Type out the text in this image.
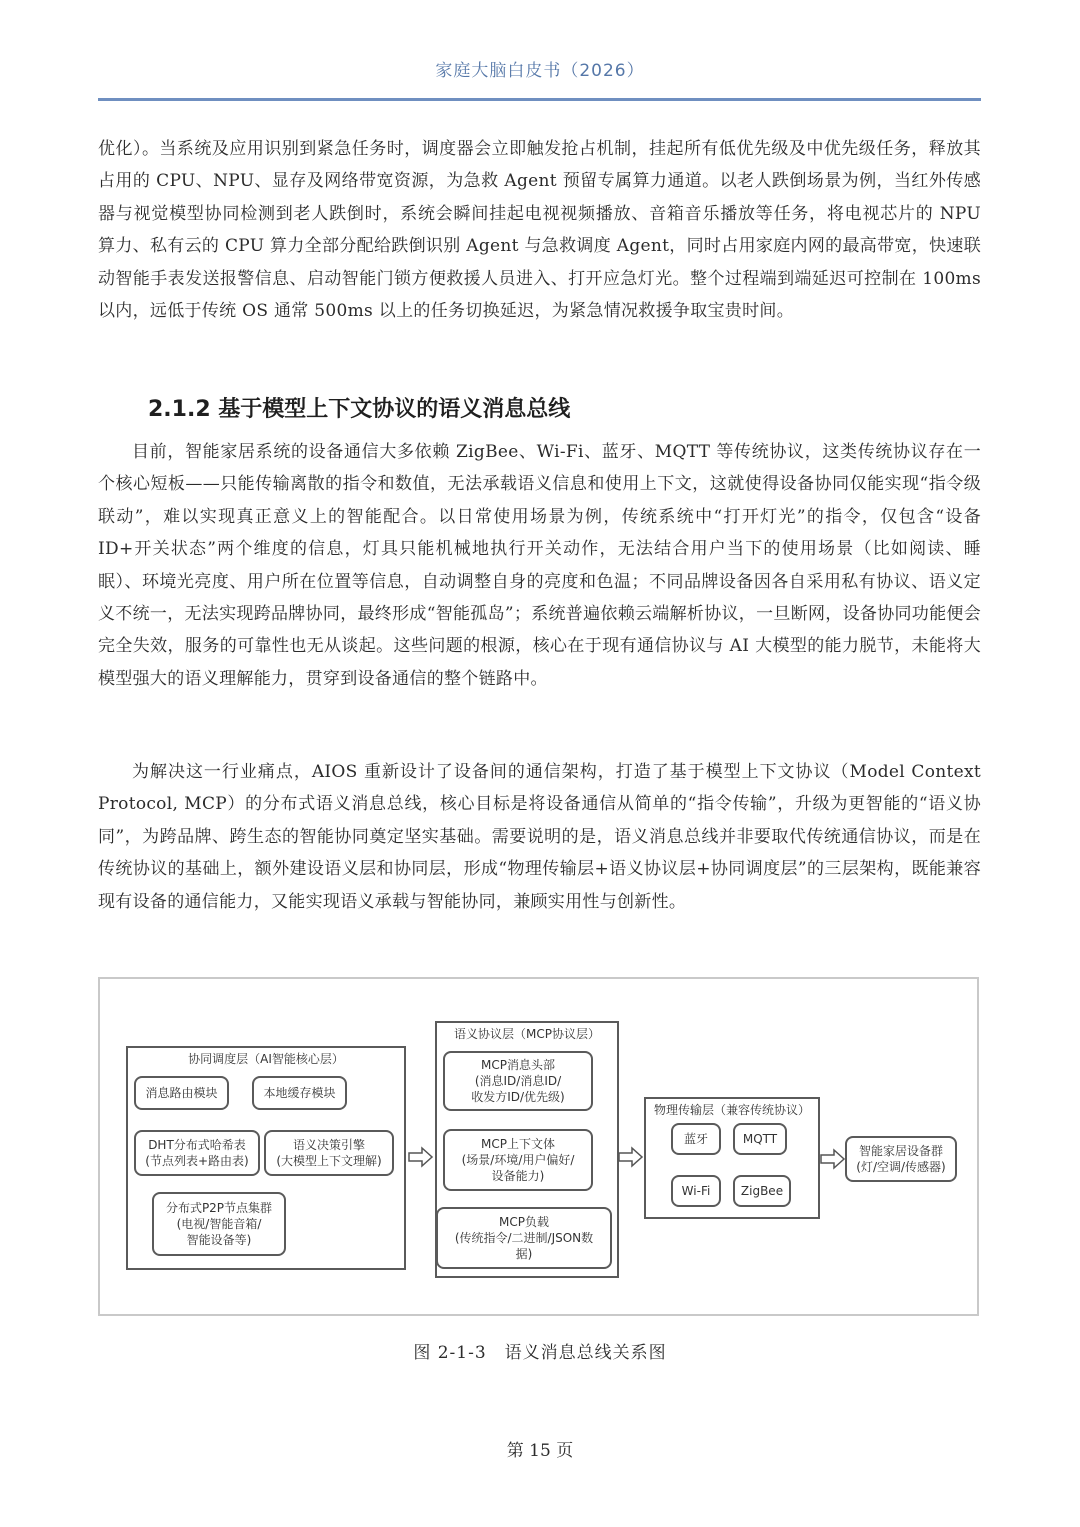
家庭大脑白皮书（2026）

优化）。当系统及应用识别到紧急任务时，调度器会立即触发抢占机制，挂起所有低优先级及中优先级任务，释放其占用的 CPU、NPU、显存及网络带宽资源，为急救 Agent 预留专属算力通道。以老人跌倒场景为例，当红外传感器与视觉模型协同检测到老人跌倒时，系统会瞬间挂起电视视频播放、音箱音乐播放等任务，将电视芯片的 NPU 算力、私有云的 CPU 算力全部分配给跌倒识别 Agent 与急救调度 Agent，同时占用家庭内网的最高带宽，快速联动智能手表发送报警信息、启动智能门锁方便救援人员进入、打开应急灯光。整个过程端到端延迟可控制在 100ms 以内，远低于传统 OS 通常 500ms 以上的任务切换延迟，为紧急情况救援争取宝贵时间。

2.1.2 基于模型上下文协议的语义消息总线

目前，智能家居系统的设备通信大多依赖 ZigBee、Wi-Fi、蓝牙、MQTT 等传统协议，这类传统协议存在一个核心短板——只能传输离散的指令和数值，无法承载语义信息和使用上下文，这就使得设备协同仅能实现“指令级联动”，难以实现真正意义上的智能配合。以日常使用场景为例，传统系统中“打开灯光”的指令，仅包含“设备 ID+开关状态”两个维度的信息，灯具只能机械地执行开关动作，无法结合用户当下的使用场景（比如阅读、睡眠）、环境光亮度、用户所在位置等信息，自动调整自身的亮度和色温；不同品牌设备因各自采用私有协议、语义定义不统一，无法实现跨品牌协同，最终形成“智能孤岛”；系统普遍依赖云端解析协议，一旦断网，设备协同功能便会完全失效，服务的可靠性也无从谈起。这些问题的根源，核心在于现有通信协议与 AI 大模型的能力脱节，未能将大模型强大的语义理解能力，贯穿到设备通信的整个链路中。

为解决这一行业痛点，AIOS 重新设计了设备间的通信架构，打造了基于模型上下文协议（Model Context Protocol, MCP）的分布式语义消息总线，核心目标是将设备通信从简单的“指令传输”，升级为更智能的“语义协同”，为跨品牌、跨生态的智能协同奠定坚实基础。需要说明的是，语义消息总线并非要取代传统通信协议，而是在传统协议的基础上，额外建设语义层和协同层，形成“物理传输层+语义协议层+协同调度层”的三层架构，既能兼容现有设备的通信能力，又能实现语义承载与智能协同，兼顾实用性与创新性。

协同调度层（AI智能核心层）
消息路由模块	本地缓存模块
DHT分布式哈希表
(节点列表+路由表)
语义决策引擎
(大模型上下文理解)
分布式P2P节点集群
(电视/智能音箱/
智能设备等)
语义协议层（MCP协议层）
MCP消息头部
(消息ID/消息ID/
收发方ID/优先级)
MCP上下文体
(场景/环境/用户偏好/
设备能力)
MCP负载
(传统指令/二进制/JSON数
据)
物理传输层（兼容传统协议）
蓝牙	MQTT
Wi-Fi	ZigBee
智能家居设备群
(灯/空调/传感器)
图 2-1-3　语义消息总线关系图
第 15 页
